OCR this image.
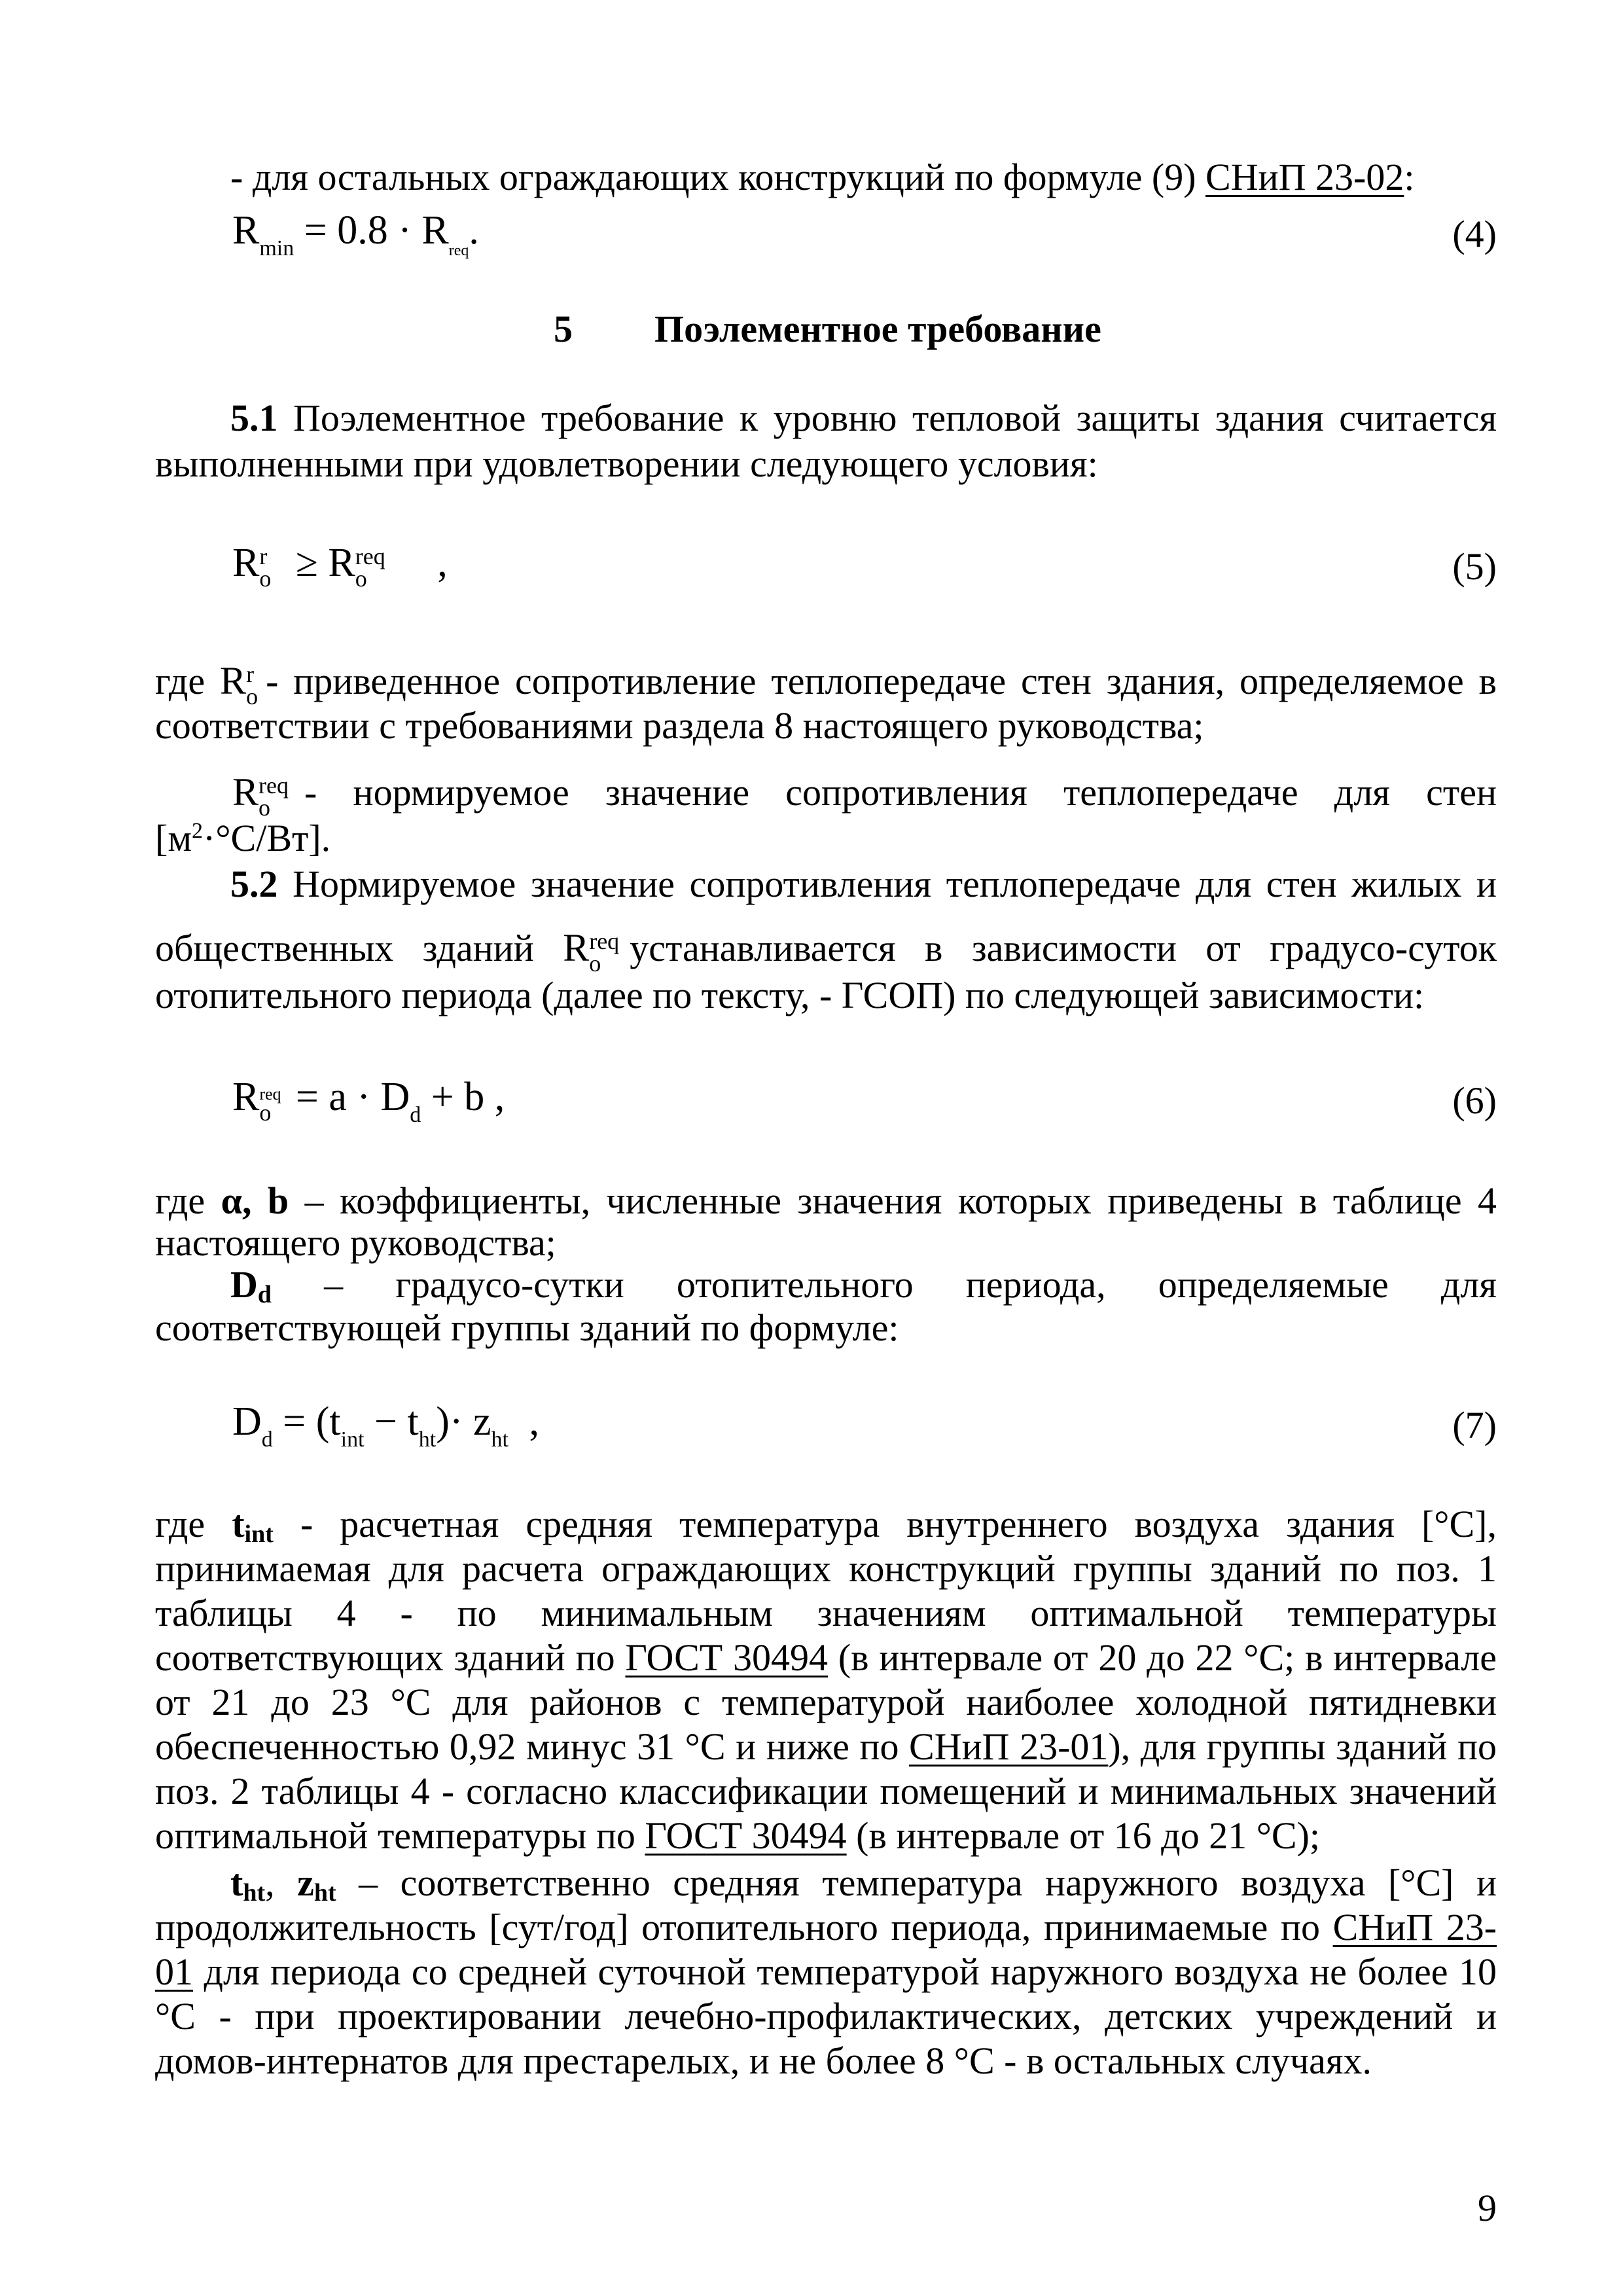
- для остальных ограждающих конструкций по формуле (9) СНиП 23-02:
$R_{min} = 0.8 \cdot R_{req}$.	(4)
5 Поэлементное требование
5.1 Поэлементное требование к уровню тепловой защиты здания считается
выполненными при удовлетворении следующего условия:
R r
o ≥ R req
o ,	(5)
где R r
o - приведенное сопротивление теплопередаче стен здания, определяемое в
соответствии с требованиями раздела 8 настоящего руководства;
R req
o - нормируемое значение сопротивления теплопередаче для стен
$[м^2\cdot^\circ С/Вт]$.
5.2 Нормируемое значение сопротивления теплопередаче для стен жилых и
общественных зданий R req
o устанавливается в зависимости от градусо-суток
отопительного периода (далее по тексту, - ГСОП) по следующей зависимости:
R req
$o = a \cdot D_d + b$ ,	(6)
где α, b – коэффициенты, численные значения которых приведены в таблице 4
настоящего руководства;
Dd – градусо-сутки отопительного периода, определяемые для
соответствующей группы зданий по формуле:
$D_d = (t_{int} - t_{ht})\cdot z_{ht}$ ,	(7)
где tint - расчетная средняя температура внутреннего воздуха здания [°С],
принимаемая для расчета ограждающих конструкций группы зданий по поз. 1
таблицы 4 - по минимальным значениям оптимальной температуры
соответствующих зданий по ГОСТ 30494 (в интервале от 20 до 22 °С; в интервале
от 21 до 23 °С для районов с температурой наиболее холодной пятидневки
обеспеченностью 0,92 минус 31 °С и ниже по СНиП 23-01), для группы зданий по
поз. 2 таблицы 4 - согласно классификации помещений и минимальных значений
оптимальной температуры по ГОСТ 30494 (в интервале от 16 до 21 °С);
tht, zht – соответственно средняя температура наружного воздуха [°С] и
продолжительность [сут/год] отопительного периода, принимаемые по СНиП 23-
01 для периода со средней суточной температурой наружного воздуха не более 10
°С - при проектировании лечебно-профилактических, детских учреждений и
домов-интернатов для престарелых, и не более 8 °С - в остальных случаях.
9
